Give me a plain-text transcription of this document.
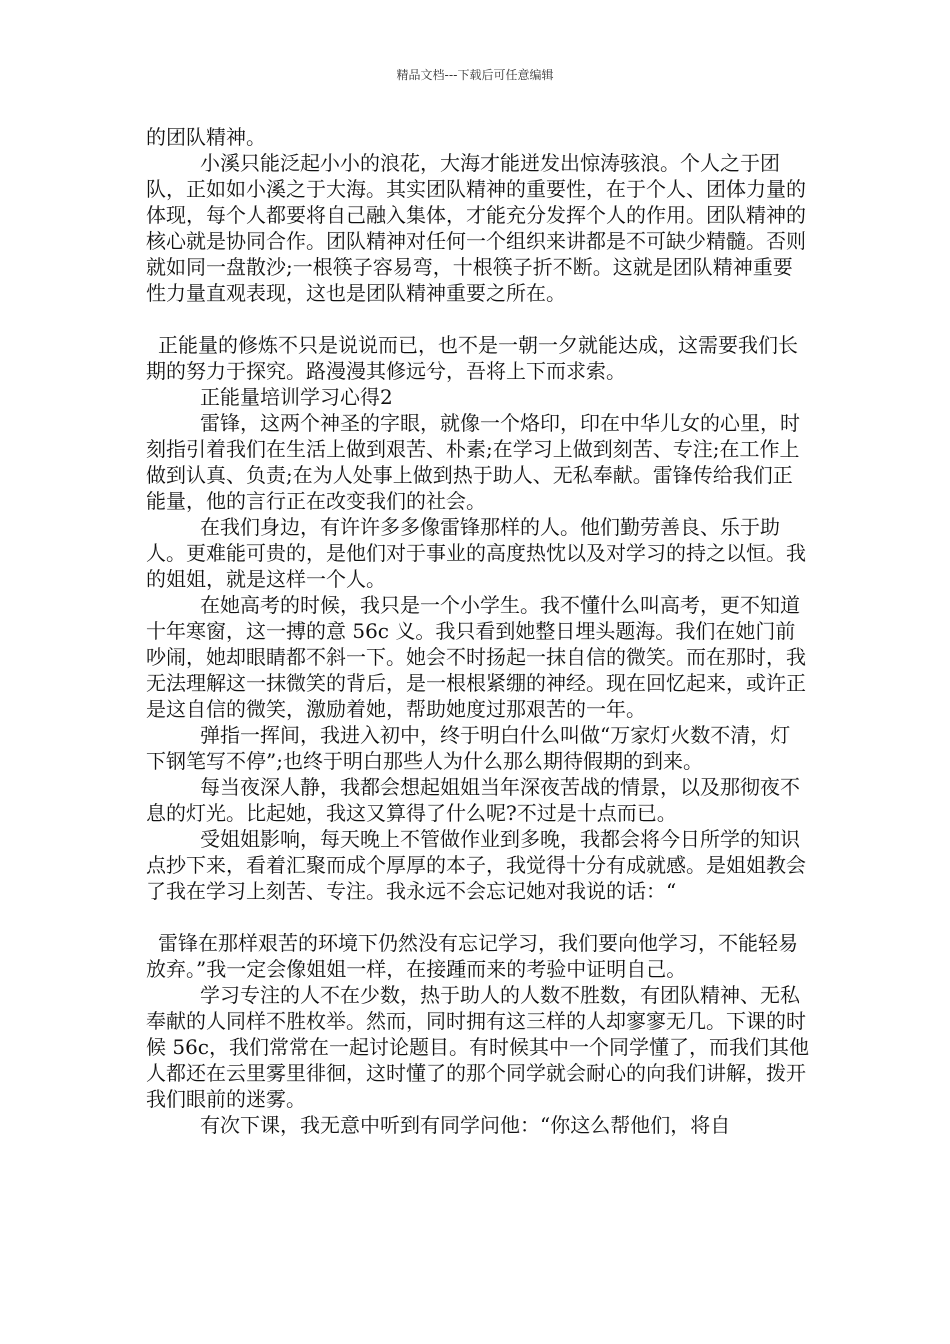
精品文档---下载后可任意编辑

的团队精神。

小溪只能泛起小小的浪花，大海才能迸发出惊涛骇浪。个人之于团队，正如如小溪之于大海。其实团队精神的重要性，在于个人、团体力量的体现，每个人都要将自己融入集体，才能充分发挥个人的作用。团队精神的核心就是协同合作。团队精神对任何一个组织来讲都是不可缺少精髓。否则就如同一盘散沙;一根筷子容易弯，十根筷子折不断。这就是团队精神重要性力量直观表现，这也是团队精神重要之所在。

正能量的修炼不只是说说而已，也不是一朝一夕就能达成，这需要我们长期的努力于探究。路漫漫其修远兮，吾将上下而求索。

正能量培训学习心得2

雷锋，这两个神圣的字眼，就像一个烙印，印在中华儿女的心里，时刻指引着我们在生活上做到艰苦、朴素;在学习上做到刻苦、专注;在工作上做到认真、负责;在为人处事上做到热于助人、无私奉献。雷锋传给我们正能量，他的言行正在改变我们的社会。

在我们身边，有许许多多像雷锋那样的人。他们勤劳善良、乐于助人。更难能可贵的，是他们对于事业的高度热忱以及对学习的持之以恒。我的姐姐，就是这样一个人。

在她高考的时候，我只是一个小学生。我不懂什么叫高考，更不知道十年寒窗，这一搏的意 56c 义。我只看到她整日埋头题海。我们在她门前吵闹，她却眼睛都不斜一下。她会不时扬起一抹自信的微笑。而在那时，我无法理解这一抹微笑的背后，是一根根紧绷的神经。现在回忆起来，或许正是这自信的微笑，激励着她，帮助她度过那艰苦的一年。

弹指一挥间，我进入初中，终于明白什么叫做“万家灯火数不清，灯下钢笔写不停”;也终于明白那些人为什么那么期待假期的到来。

每当夜深人静，我都会想起姐姐当年深夜苦战的情景，以及那彻夜不息的灯光。比起她，我这又算得了什么呢?不过是十点而已。

受姐姐影响，每天晚上不管做作业到多晚，我都会将今日所学的知识点抄下来，看着汇聚而成个厚厚的本子，我觉得十分有成就感。是姐姐教会了我在学习上刻苦、专注。我永远不会忘记她对我说的话：“

雷锋在那样艰苦的环境下仍然没有忘记学习，我们要向他学习，不能轻易放弃。”我一定会像姐姐一样，在接踵而来的考验中证明自己。

学习专注的人不在少数，热于助人的人数不胜数，有团队精神、无私奉献的人同样不胜枚举。然而，同时拥有这三样的人却寥寥无几。下课的时候 56c，我们常常在一起讨论题目。有时候其中一个同学懂了，而我们其他人都还在云里雾里徘徊，这时懂了的那个同学就会耐心的向我们讲解，拨开我们眼前的迷雾。

有次下课，我无意中听到有同学问他：“你这么帮他们，将自
